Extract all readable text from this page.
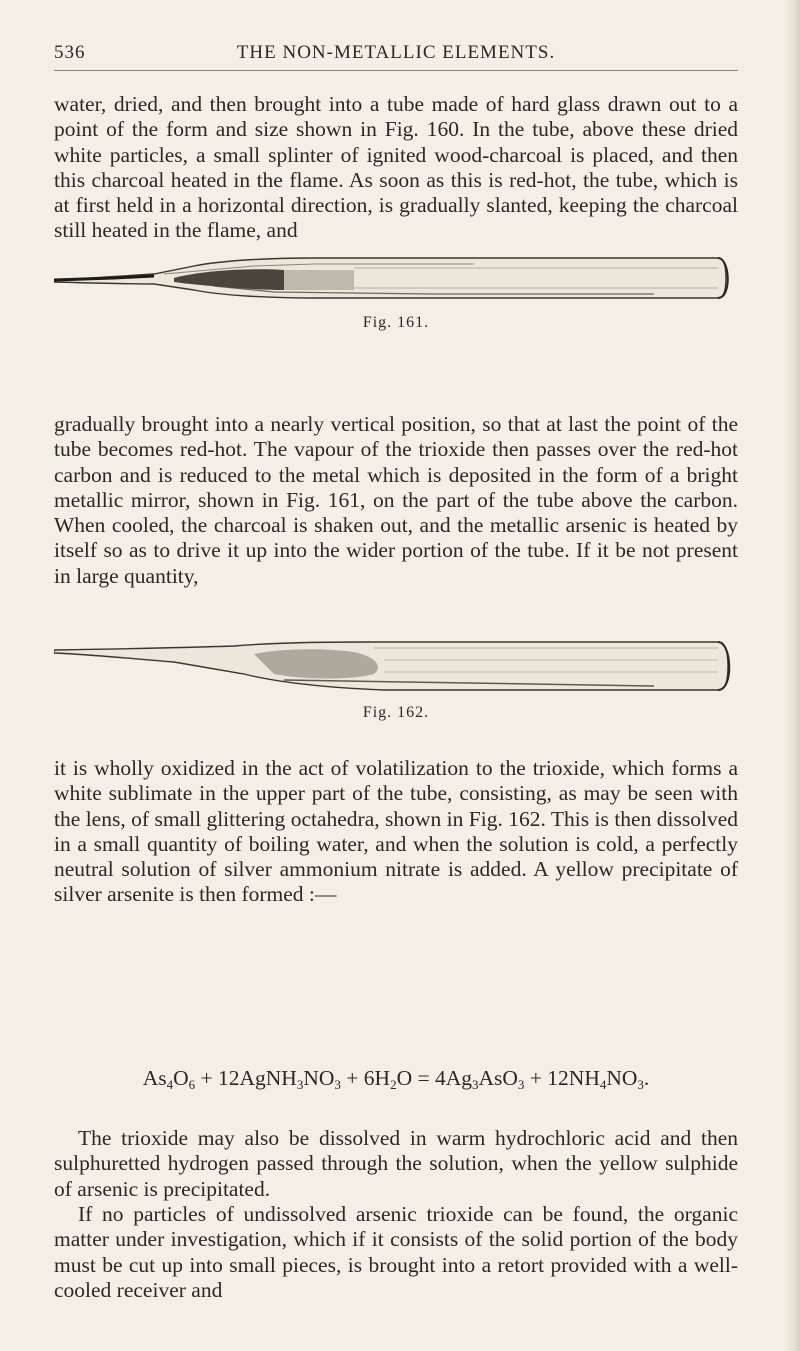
536	THE NON-METALLIC ELEMENTS.

water, dried, and then brought into a tube made of hard glass drawn out to a point of the form and size shown in Fig. 160. In the tube, above these dried white particles, a small splinter of ignited wood-charcoal is placed, and then this charcoal heated in the flame. As soon as this is red-hot, the tube, which is at first held in a horizontal direction, is gradually slanted, keeping the charcoal still heated in the flame, and

Fig. 161.

gradually brought into a nearly vertical position, so that at last the point of the tube becomes red-hot. The vapour of the trioxide then passes over the red-hot carbon and is reduced to the metal which is deposited in the form of a bright metallic mirror, shown in Fig. 161, on the part of the tube above the carbon. When cooled, the charcoal is shaken out, and the metallic arsenic is heated by itself so as to drive it up into the wider portion of the tube. If it be not present in large quantity,

Fig. 162.

it is wholly oxidized in the act of volatilization to the trioxide, which forms a white sublimate in the upper part of the tube, consisting, as may be seen with the lens, of small glittering octahedra, shown in Fig. 162. This is then dissolved in a small quantity of boiling water, and when the solution is cold, a perfectly neutral solution of silver ammonium nitrate is added. A yellow precipitate of silver arsenite is then formed :—

$As_4O_6$ + $12AgNH_3NO_3 + 6H_2O = 4Ag_3AsO_3 + 12NH_4NO_3$.

The trioxide may also be dissolved in warm hydrochloric acid and then sulphuretted hydrogen passed through the solution, when the yellow sulphide of arsenic is precipitated.

If no particles of undissolved arsenic trioxide can be found, the organic matter under investigation, which if it consists of the solid portion of the body must be cut up into small pieces, is brought into a retort provided with a well-cooled receiver and
